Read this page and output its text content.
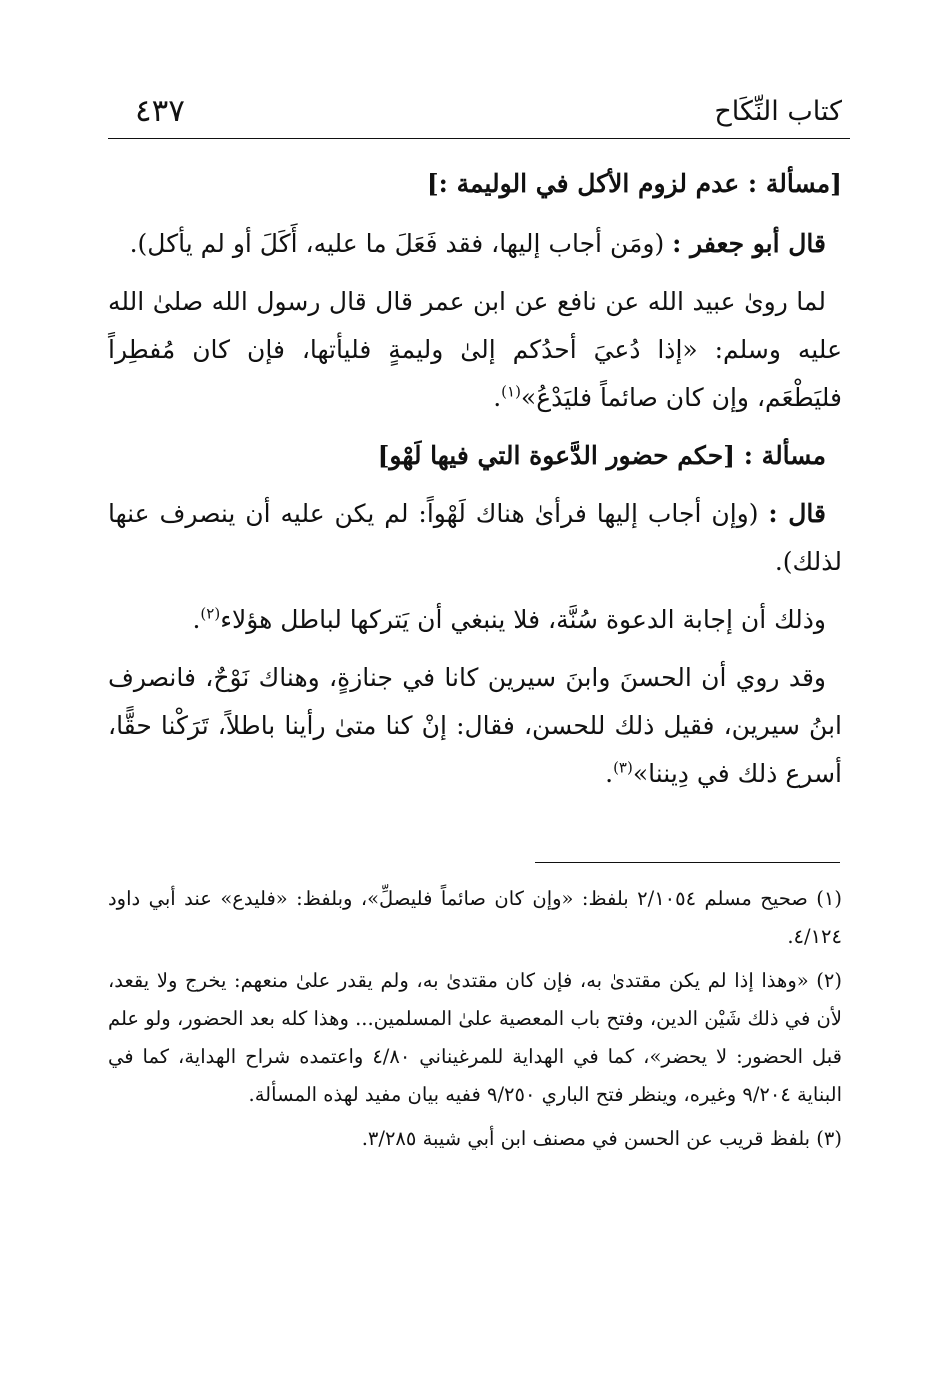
كتاب النِّكَاح
٤٣٧

[مسألة : عدم لزوم الأكل في الوليمة :]

قال أبو جعفر : (ومَن أجاب إليها، فقد فَعَلَ ما عليه، أَكَلَ أو لم يأكل).

لما روىٰ عبيد الله عن نافع عن ابن عمر قال قال رسول الله صلىٰ الله عليه وسلم: «إذا دُعيَ أحدُكم إلىٰ وليمةٍ فليأتها، فإن كان مُفطِراً فليَطْعَم، وإن كان صائماً فليَدْعُ»$^{(١)}$.

مسألة : [حكم حضور الدَّعوة التي فيها لَهْو]

قال : (وإن أجاب إليها فرأىٰ هناك لَهْواً: لم يكن عليه أن ينصرف عنها لذلك).

وذلك أن إجابة الدعوة سُنَّة، فلا ينبغي أن يَتركها لباطل هؤلاء$^{(٢)}$.

وقد روي أن الحسنَ وابنَ سيرين كانا في جنازةٍ، وهناك نَوْحٌ، فانصرف ابنُ سيرين، فقيل ذلك للحسن، فقال: إنْ كنا متىٰ رأينا باطلاً، تَرَكْنا حقًّا، أسرع ذلك في دِيننا»$^{(٣)}$.

(١) صحيح مسلم ٢/١٠٥٤ بلفظ: «وإن كان صائماً فليصلِّ»، وبلفظ: «فليدع» عند أبي داود ٤/١٢٤.

(٢) «وهذا إذا لم يكن مقتدىٰ به، فإن كان مقتدىٰ به، ولم يقدر علىٰ منعهم: يخرج ولا يقعد، لأن في ذلك شَيْن الدين، وفتح باب المعصية علىٰ المسلمين... وهذا كله بعد الحضور، ولو علم قبل الحضور: لا يحضر»، كما في الهداية للمرغيناني ٤/٨٠ واعتمده شراح الهداية، كما في البناية ٩/٢٠٤ وغيره، وينظر فتح الباري ٩/٢٥٠ ففيه بيان مفيد لهذه المسألة.

(٣) بلفظ قريب عن الحسن في مصنف ابن أبي شيبة ٣/٢٨٥.
